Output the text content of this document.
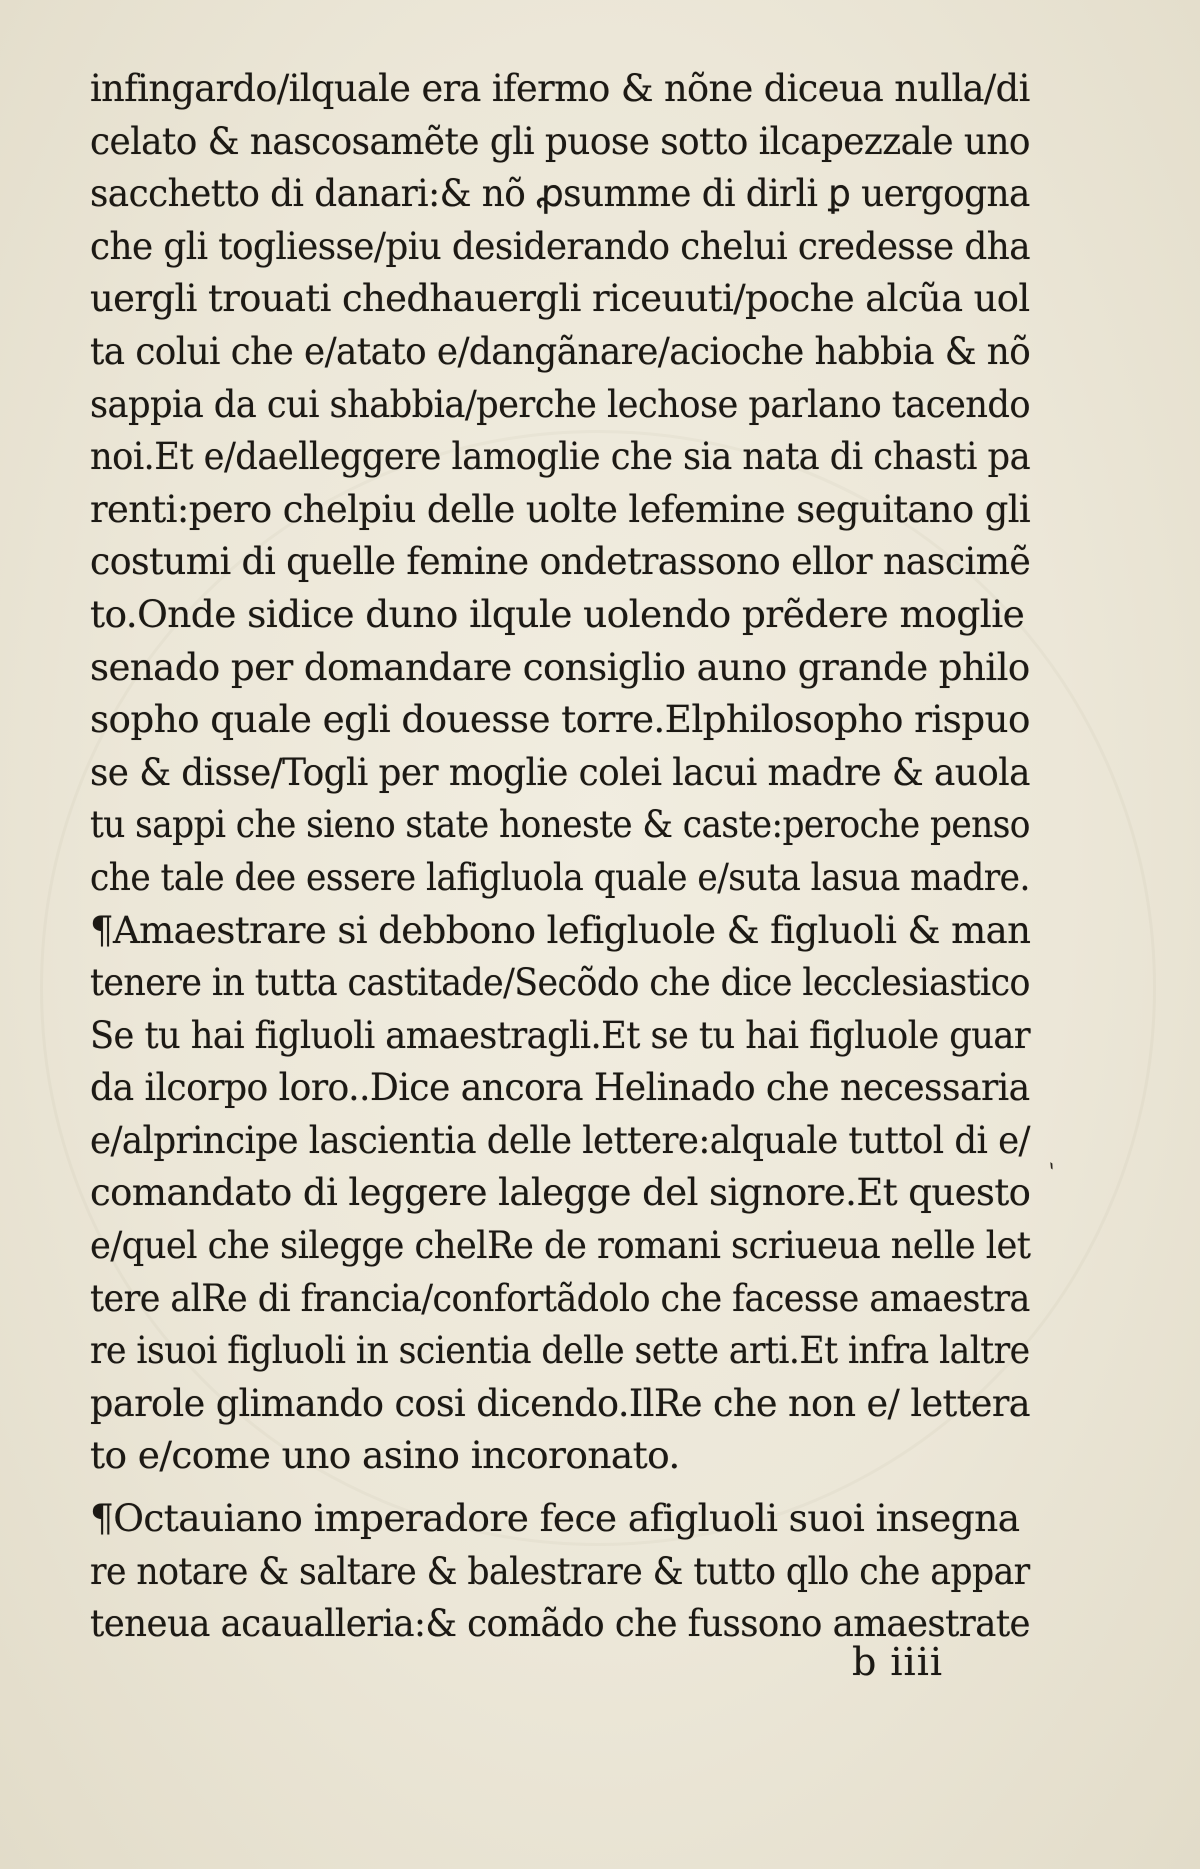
infingardo/ilquale era ifermo & nõne diceua nulla/di
celato & nascosamẽte gli puose sotto ilcapezzale uno
sacchetto di danari:& nõ ꝓsumme di dirli ꝑ uergogna
che gli togliesse/piu desiderando chelui credesse dha
uergli trouati chedhauergli riceuuti/poche alcũa uol
ta colui che e/atato e/dangãnare/acioche habbia & nõ
sappia da cui shabbia/perche lechose parlano tacendo
noi.Et e/daelleggere lamoglie che sia nata di chasti pa
renti:pero chelpiu delle uolte lefemine seguitano gli
costumi di quelle femine ondetrassono ellor nascimẽ
to.Onde sidice duno ilqule uolendo prẽdere moglie
senado per domandare consiglio auno grande philo
sopho quale egli douesse torre.Elphilosopho rispuo
se & disse/Togli per moglie colei lacui madre & auola
tu sappi che sieno state honeste & caste:peroche penso
che tale dee essere lafigluola quale e/suta lasua madre.
¶Amaestrare si debbono lefigluole & figluoli & man
tenere in tutta castitade/Secõdo che dice lecclesiastico
Se tu hai figluoli amaestragli.Et se tu hai figluole guar
da ilcorpo loro..Dice ancora Helinado che necessaria
e/alprincipe lascientia delle lettere:alquale tuttol di e/
comandato di leggere lalegge del signore.Et questo
e/quel che silegge chelRe de romani scriueua nelle let
tere alRe di francia/confortãdolo che facesse amaestra
re isuoi figluoli in scientia delle sette arti.Et infra laltre
parole glimando cosi dicendo.IlRe che non e/ lettera
to e/come uno asino incoronato.
¶Octauiano imperadore fece afigluoli suoi insegna
re notare & saltare & balestrare & tutto qllo che appar
teneua acaualleria:& comãdo che fussono amaestrate
ˋ
b iiii
